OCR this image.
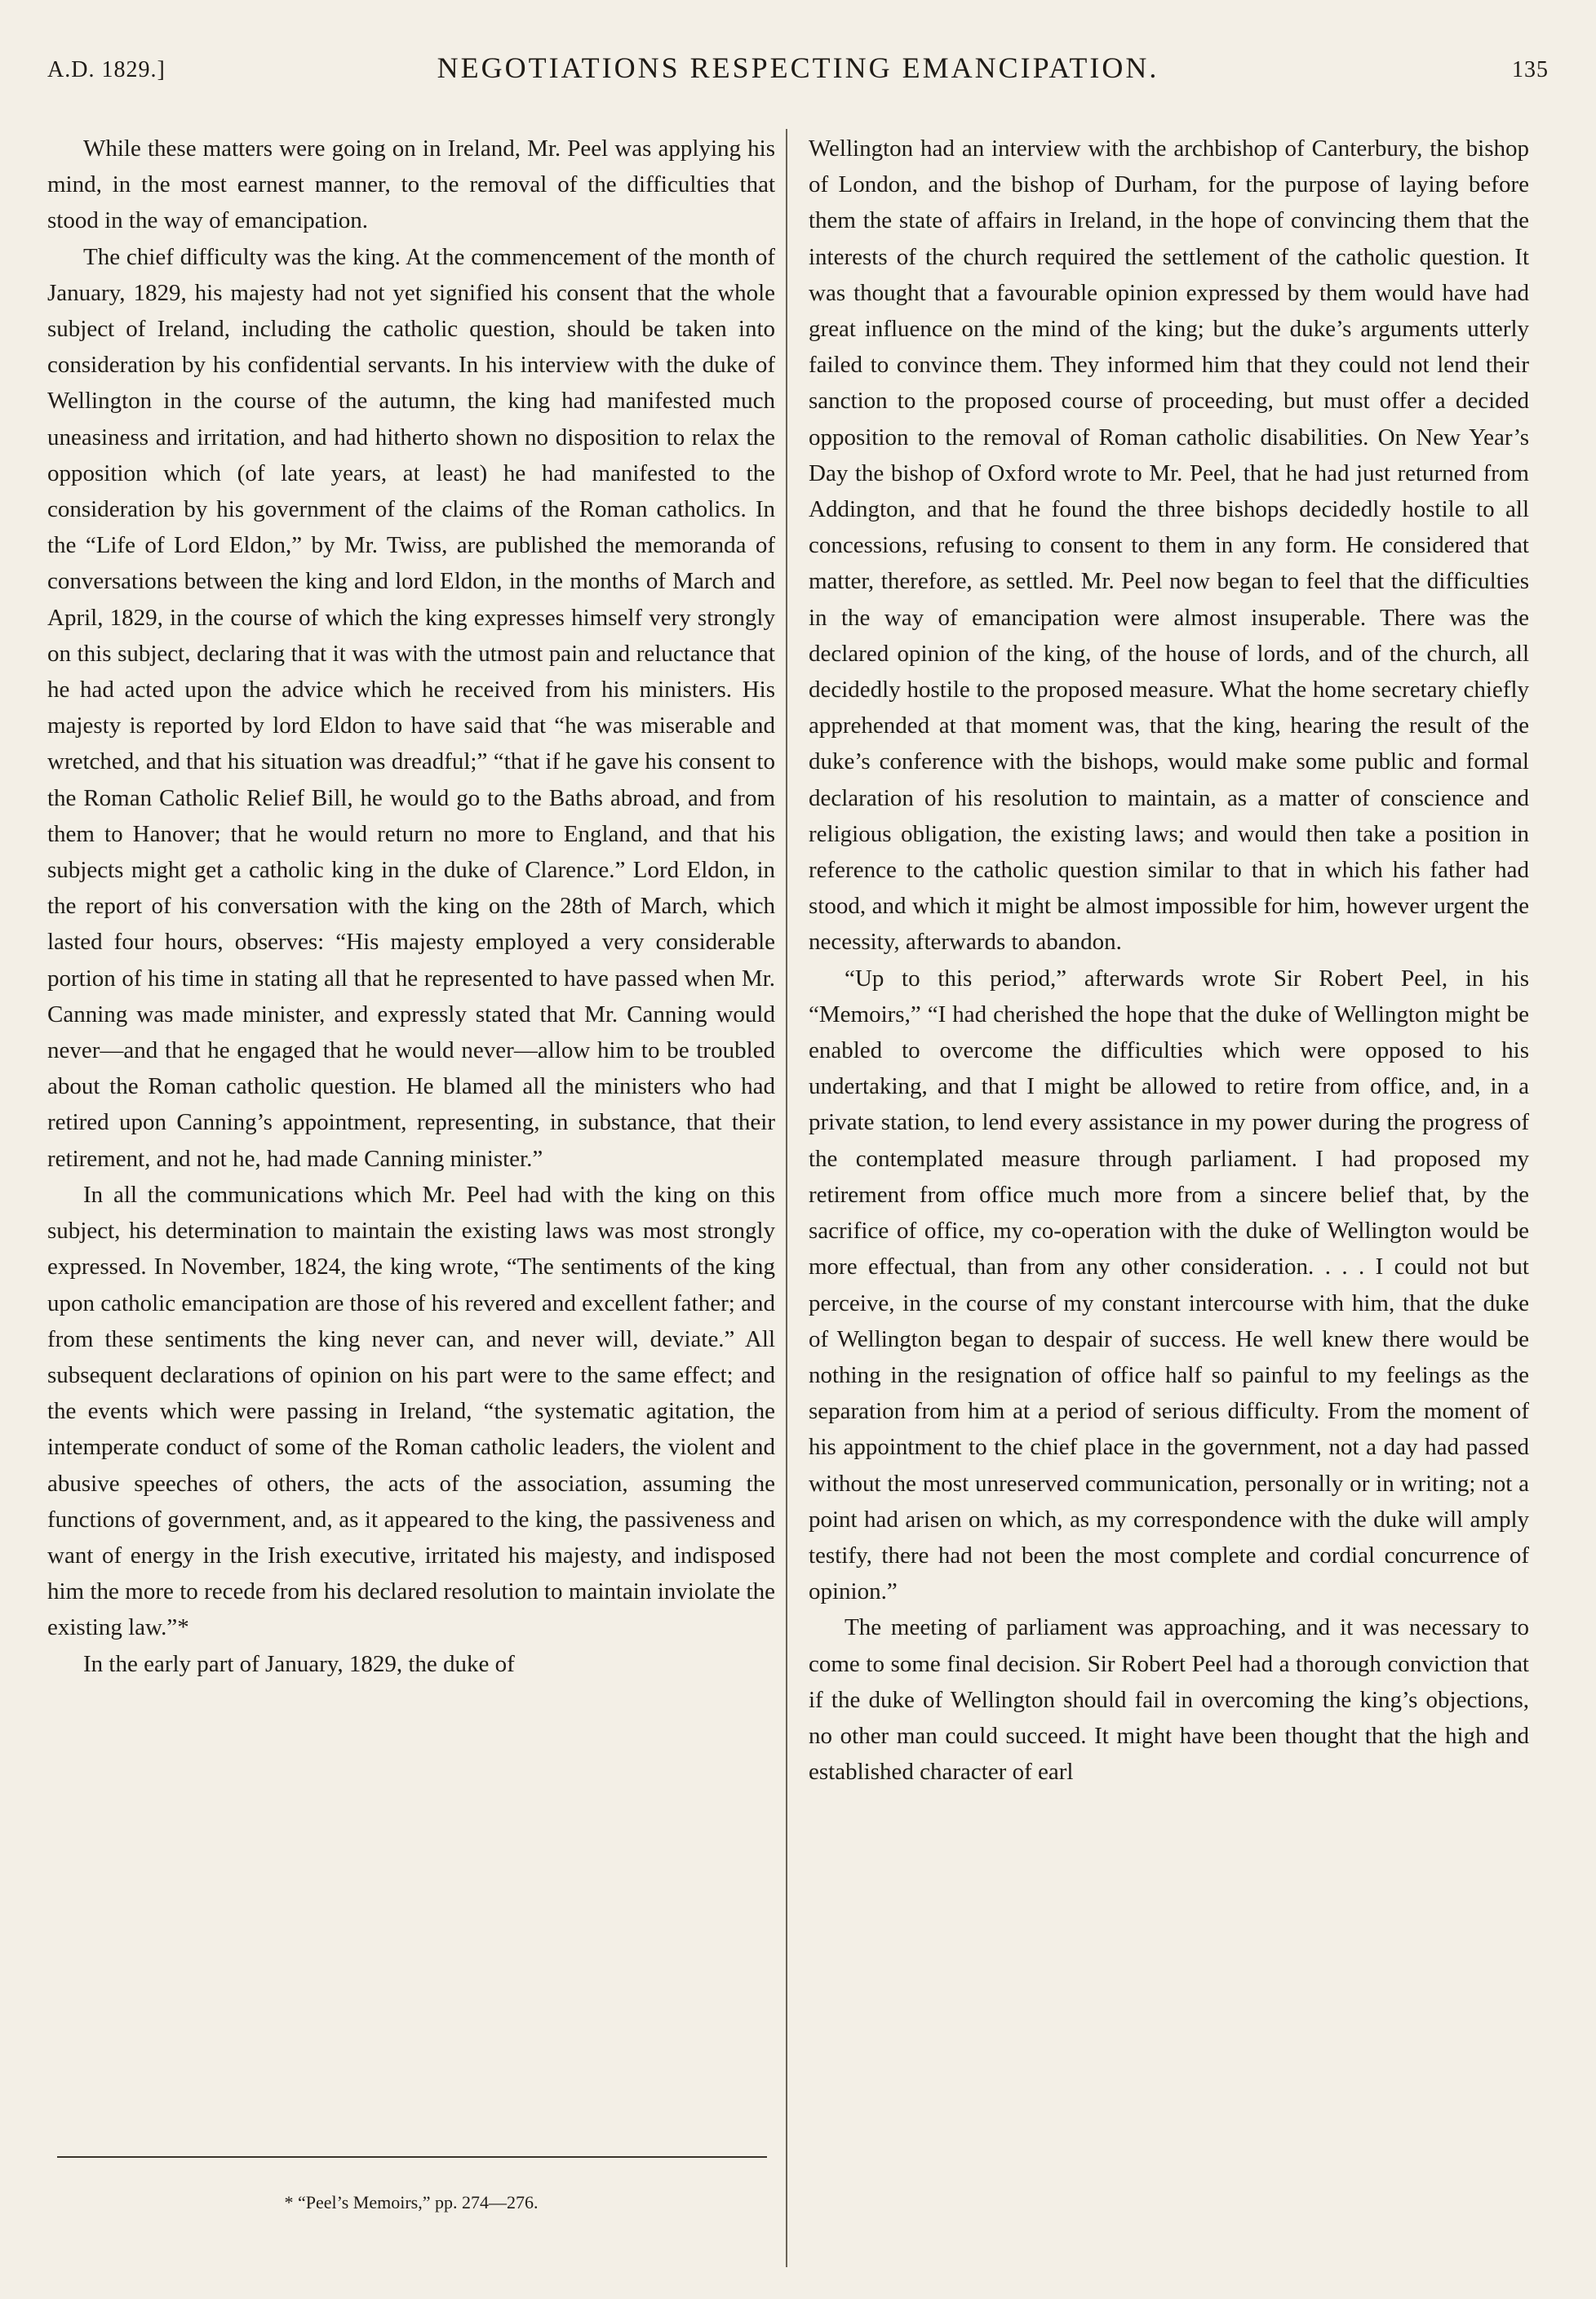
A.D. 1829.]	NEGOTIATIONS RESPECTING EMANCIPATION.	135

While these matters were going on in Ireland, Mr. Peel was applying his mind, in the most earnest manner, to the removal of the difficulties that stood in the way of emancipation.

The chief difficulty was the king. At the commencement of the month of January, 1829, his majesty had not yet signified his consent that the whole subject of Ireland, including the catholic question, should be taken into consideration by his confidential servants. In his interview with the duke of Wellington in the course of the autumn, the king had manifested much uneasiness and irritation, and had hitherto shown no disposition to relax the opposition which (of late years, at least) he had manifested to the consideration by his government of the claims of the Roman catholics. In the “Life of Lord Eldon,” by Mr. Twiss, are published the memoranda of conversations between the king and lord Eldon, in the months of March and April, 1829, in the course of which the king expresses himself very strongly on this subject, declaring that it was with the utmost pain and reluctance that he had acted upon the advice which he received from his ministers. His majesty is reported by lord Eldon to have said that “he was miserable and wretched, and that his situation was dreadful;” “that if he gave his consent to the Roman Catholic Relief Bill, he would go to the Baths abroad, and from them to Hanover; that he would return no more to England, and that his subjects might get a catholic king in the duke of Clarence.” Lord Eldon, in the report of his conversation with the king on the 28th of March, which lasted four hours, observes: “His majesty employed a very considerable portion of his time in stating all that he represented to have passed when Mr. Canning was made minister, and expressly stated that Mr. Canning would never—and that he engaged that he would never—allow him to be troubled about the Roman catholic question. He blamed all the ministers who had retired upon Canning’s appointment, representing, in substance, that their retirement, and not he, had made Canning minister.”

In all the communications which Mr. Peel had with the king on this subject, his determination to maintain the existing laws was most strongly expressed. In November, 1824, the king wrote, “The sentiments of the king upon catholic emancipation are those of his revered and excellent father; and from these sentiments the king never can, and never will, deviate.” All subsequent declarations of opinion on his part were to the same effect; and the events which were passing in Ireland, “the systematic agitation, the intemperate conduct of some of the Roman catholic leaders, the violent and abusive speeches of others, the acts of the association, assuming the functions of government, and, as it appeared to the king, the passiveness and want of energy in the Irish executive, irritated his majesty, and indisposed him the more to recede from his declared resolution to maintain inviolate the existing law.”*

In the early part of January, 1829, the duke of

Wellington had an interview with the archbishop of Canterbury, the bishop of London, and the bishop of Durham, for the purpose of laying before them the state of affairs in Ireland, in the hope of convincing them that the interests of the church required the settlement of the catholic question. It was thought that a favourable opinion expressed by them would have had great influence on the mind of the king; but the duke’s arguments utterly failed to convince them. They informed him that they could not lend their sanction to the proposed course of proceeding, but must offer a decided opposition to the removal of Roman catholic disabilities. On New Year’s Day the bishop of Oxford wrote to Mr. Peel, that he had just returned from Addington, and that he found the three bishops decidedly hostile to all concessions, refusing to consent to them in any form. He considered that matter, therefore, as settled. Mr. Peel now began to feel that the difficulties in the way of emancipation were almost insuperable. There was the declared opinion of the king, of the house of lords, and of the church, all decidedly hostile to the proposed measure. What the home secretary chiefly apprehended at that moment was, that the king, hearing the result of the duke’s conference with the bishops, would make some public and formal declaration of his resolution to maintain, as a matter of conscience and religious obligation, the existing laws; and would then take a position in reference to the catholic question similar to that in which his father had stood, and which it might be almost impossible for him, however urgent the necessity, afterwards to abandon.

“Up to this period,” afterwards wrote Sir Robert Peel, in his “Memoirs,” “I had cherished the hope that the duke of Wellington might be enabled to overcome the difficulties which were opposed to his undertaking, and that I might be allowed to retire from office, and, in a private station, to lend every assistance in my power during the progress of the contemplated measure through parliament. I had proposed my retirement from office much more from a sincere belief that, by the sacrifice of office, my co-operation with the duke of Wellington would be more effectual, than from any other consideration. . . . I could not but perceive, in the course of my constant intercourse with him, that the duke of Wellington began to despair of success. He well knew there would be nothing in the resignation of office half so painful to my feelings as the separation from him at a period of serious difficulty. From the moment of his appointment to the chief place in the government, not a day had passed without the most unreserved communication, personally or in writing; not a point had arisen on which, as my correspondence with the duke will amply testify, there had not been the most complete and cordial concurrence of opinion.”

The meeting of parliament was approaching, and it was necessary to come to some final decision. Sir Robert Peel had a thorough conviction that if the duke of Wellington should fail in overcoming the king’s objections, no other man could succeed. It might have been thought that the high and established character of earl

* “Peel’s Memoirs,” pp. 274—276.
